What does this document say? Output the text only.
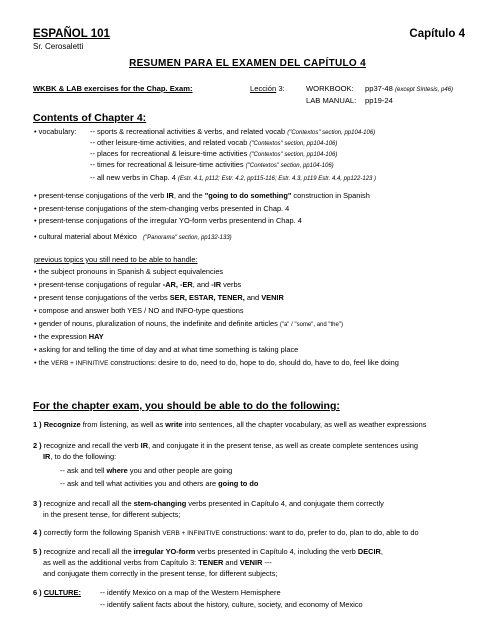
ESPAÑOL 101	Capítulo 4
Sr. Cerosaletti
RESUMEN PARA EL EXAMEN DEL CAPÍTULO 4
WKBK & LAB exercises for the Chap. Exam:	Lección 3:	WORKBOOK: pp37-48 (except Síntesis, p46)
LAB MANUAL: pp19-24
Contents of Chapter 4:
• vocabulary: -- sports & recreational activities & verbs, and related vocab ("Contextos" section, pp104-106)
-- other leisure-time activities, and related vocab ("Contextos" section, pp104-106)
-- places for recreational & leisure-time activities ("Contextos" section, pp104-106)
-- times for recreational & leisure-time activities ("Contextos" section, pp104-106)
-- all new verbs in Chap. 4 (Estr. 4.1, p112; Estr. 4.2, pp115-116; Estr. 4.3, p119 Estr. 4.4, pp122-123 )
• present-tense conjugations of the verb IR, and the "going to do something" construction in Spanish
• present-tense conjugations of the stem-changing verbs presented in Chap. 4
• present-tense conjugations of the irregular YO-form verbs presentend in Chap. 4
• cultural material about México ("Panorama" section, pp132-133)
previous topics you still need to be able to handle:
• the subject pronouns in Spanish & subject equivalencies
• present-tense conjugations of regular -AR, -ER, and -IR verbs
• present tense conjugations of the verbs SER, ESTAR, TENER, and VENIR
• compose and answer both YES / NO and INFO-type questions
• gender of nouns, pluralization of nouns, the indefinite and definite articles ("a" / "some", and "the")
• the expression HAY
• asking for and telling the time of day and at what time something is taking place
• the VERB + INFINITIVE constructions: desire to do, need to do, hope to do, should do, have to do, feel like doing
For the chapter exam, you should be able to do the following:
1 ) Recognize from listening, as well as write into sentences, all the chapter vocabulary, as well as weather expressions
2 ) recognize and recall the verb IR, and conjugate it in the present tense, as well as create complete sentences using
IR, to do the following:
-- ask and tell where you and other people are going
-- ask and tell what activities you and others are going to do
3 ) recognize and recall all the stem-changing verbs presented in Capítulo 4, and conjugate them correctly
in the present tense, for different subjects;
4 ) correctly form the following Spanish VERB + INFINITIVE constructions: want to do, prefer to do, plan to do, able to do
5 ) recognize and recall all the irregular YO-form verbs presented in Capítulo 4, including the verb DECIR,
as well as the additional verbs from Capítulo 3: TENER and VENIR ---
and conjugate them correctly in the present tense, for different subjects;
6 ) CULTURE:	-- identify Mexico on a map of the Western Hemisphere
-- identify salient facts about the history, culture, society, and economy of Mexico
